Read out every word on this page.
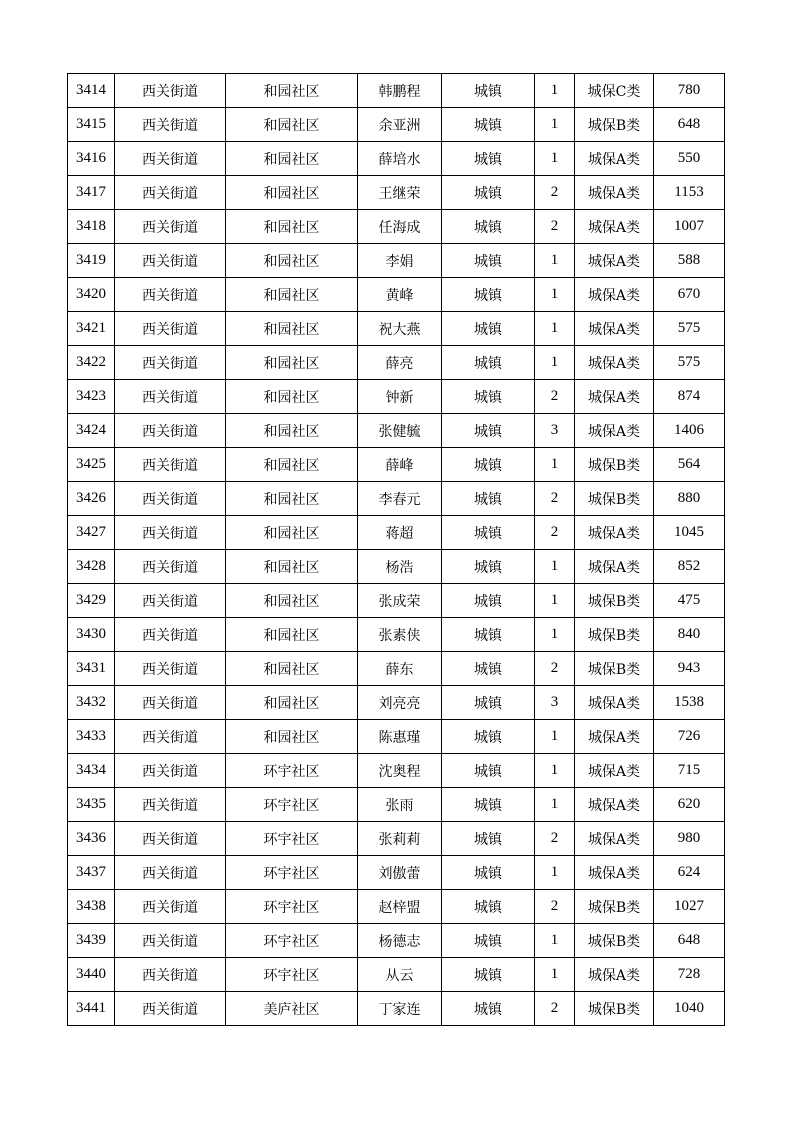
3414	西关街道	和园社区	韩鹏程	城镇	1	城保C类	780
3415	西关街道	和园社区	余亚洲	城镇	1	城保B类	648
3416	西关街道	和园社区	薛培水	城镇	1	城保A类	550
3417	西关街道	和园社区	王继荣	城镇	2	城保A类	1153
3418	西关街道	和园社区	任海成	城镇	2	城保A类	1007
3419	西关街道	和园社区	李娟	城镇	1	城保A类	588
3420	西关街道	和园社区	黄峰	城镇	1	城保A类	670
3421	西关街道	和园社区	祝大燕	城镇	1	城保A类	575
3422	西关街道	和园社区	薛亮	城镇	1	城保A类	575
3423	西关街道	和园社区	钟新	城镇	2	城保A类	874
3424	西关街道	和园社区	张健毓	城镇	3	城保A类	1406
3425	西关街道	和园社区	薛峰	城镇	1	城保B类	564
3426	西关街道	和园社区	李春元	城镇	2	城保B类	880
3427	西关街道	和园社区	蒋超	城镇	2	城保A类	1045
3428	西关街道	和园社区	杨浩	城镇	1	城保A类	852
3429	西关街道	和园社区	张成荣	城镇	1	城保B类	475
3430	西关街道	和园社区	张素侠	城镇	1	城保B类	840
3431	西关街道	和园社区	薛东	城镇	2	城保B类	943
3432	西关街道	和园社区	刘亮亮	城镇	3	城保A类	1538
3433	西关街道	和园社区	陈惠瑾	城镇	1	城保A类	726
3434	西关街道	环宇社区	沈奥程	城镇	1	城保A类	715
3435	西关街道	环宇社区	张雨	城镇	1	城保A类	620
3436	西关街道	环宇社区	张莉莉	城镇	2	城保A类	980
3437	西关街道	环宇社区	刘傲蕾	城镇	1	城保A类	624
3438	西关街道	环宇社区	赵梓盟	城镇	2	城保B类	1027
3439	西关街道	环宇社区	杨德志	城镇	1	城保B类	648
3440	西关街道	环宇社区	从云	城镇	1	城保A类	728
3441	西关街道	美庐社区	丁家连	城镇	2	城保B类	1040
